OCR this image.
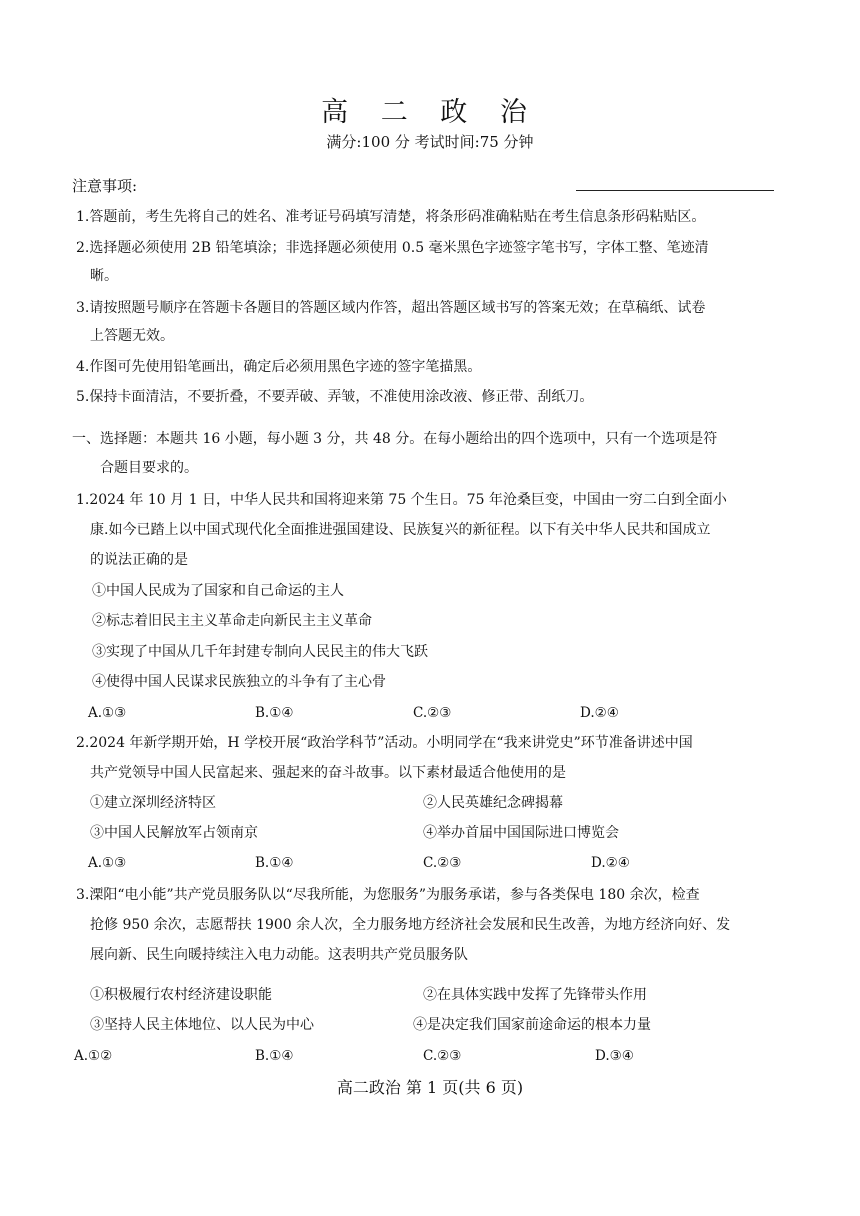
高 二 政 治
满分:100 分 考试时间:75 分钟
注意事项:
1.答题前，考生先将自己的姓名、准考证号码填写清楚，将条形码准确粘贴在考生信息条形码粘贴区。
2.选择题必须使用 2B 铅笔填涂；非选择题必须使用 0.5 毫米黑色字迹签字笔书写，字体工整、笔迹清
晰。
3.请按照题号顺序在答题卡各题目的答题区域内作答，超出答题区域书写的答案无效；在草稿纸、试卷
上答题无效。
4.作图可先使用铅笔画出，确定后必须用黑色字迹的签字笔描黑。
5.保持卡面清洁，不要折叠，不要弄破、弄皱，不准使用涂改液、修正带、刮纸刀。
一、选择题：本题共 16 小题，每小题 3 分，共 48 分。在每小题给出的四个选项中，只有一个选项是符
合题目要求的。
1.2024 年 10 月 1 日，中华人民共和国将迎来第 75 个生日。75 年沧桑巨变，中国由一穷二白到全面小
康.如今已踏上以中国式现代化全面推进强国建设、民族复兴的新征程。以下有关中华人民共和国成立
的说法正确的是
①中国人民成为了国家和自己命运的主人
②标志着旧民主主义革命走向新民主主义革命
③实现了中国从几千年封建专制向人民民主的伟大飞跃
④使得中国人民谋求民族独立的斗争有了主心骨
A.①③	B.①④	C.②③	D.②④
2.2024 年新学期开始，H 学校开展“政治学科节”活动。小明同学在“我来讲党史”环节准备讲述中国
共产党领导中国人民富起来、强起来的奋斗故事。以下素材最适合他使用的是
①建立深圳经济特区	②人民英雄纪念碑揭幕
③中国人民解放军占领南京	④举办首届中国国际进口博览会
A.①③	B.①④	C.②③	D.②④
3.溧阳“电小能”共产党员服务队以“尽我所能，为您服务”为服务承诺，参与各类保电 180 余次，检查
抢修 950 余次，志愿帮扶 1900 余人次，全力服务地方经济社会发展和民生改善，为地方经济向好、发
展向新、民生向暖持续注入电力动能。这表明共产党员服务队
①积极履行农村经济建设职能	②在具体实践中发挥了先锋带头作用
③坚持人民主体地位、以人民为中心	④是决定我们国家前途命运的根本力量
A.①②	B.①④	C.②③	D.③④
高二政治 第 1 页(共 6 页)
